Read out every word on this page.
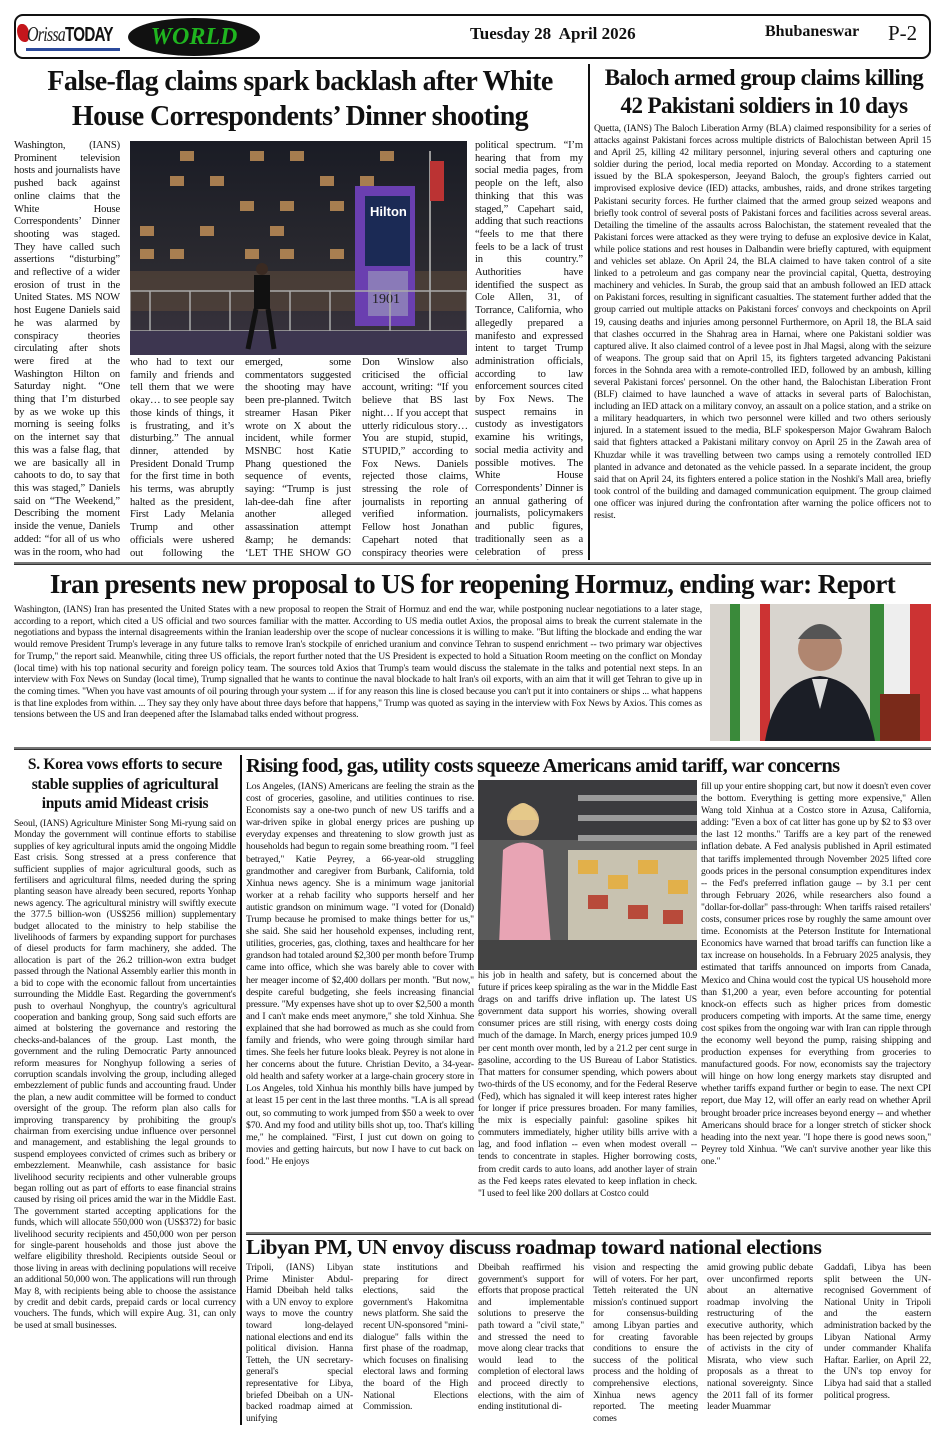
OrissaTODAY	WORLD	Tuesday 28  April 2026	Bhubaneswar P-2
False-flag claims spark backlash after White House Correspondents’ Dinner shooting
Washington, (IANS) Prominent television hosts and journalists have pushed back against online claims that the White House Correspondents’ Dinner shooting was staged. They have called such assertions “disturbing” and reflective of a wider erosion of trust in the United States. MS NOW host Eugene Daniels said he was alarmed by conspiracy theories circulating after shots were fired at the Washington Hilton on Saturday night. “One thing that I’m disturbed by as we woke up this morning is seeing folks on the internet say that this was a false flag, that we are basically all in cahoots to do, to say that this was staged,” Daniels said on “The Weekend,” Describing the moment inside the venue, Daniels added: “for all of us who was in the room, who had
Hilton
1901
who had to text our family and friends and tell them that we were okay… to see people say those kinds of things, it is frustrating, and it’s disturbing.” The annual dinner, attended by President Donald Trump for the first time in both his terms, was abruptly halted as the president, First Lady Melania Trump and other officials were ushered out following the
emerged, some commentators suggested the shooting may have been pre-planned. Twitch streamer Hasan Piker wrote on X about the incident, while former MSNBC host Katie Phang questioned the sequence of events, saying: “Trump is just lah-dee-dah fine after another alleged assassination attempt &amp; he demands: ‘LET THE SHOW GO
Don Winslow also criticised the official account, writing: “If you believe that BS last night… If you accept that utterly ridiculous story… You are stupid, stupid, STUPID,” according to Fox News. Daniels rejected those claims, stressing the role of journalists in reporting verified information. Fellow host Jonathan Capehart noted that conspiracy theories were
political spectrum. “I’m hearing that from my social media pages, from people on the left, also thinking that this was staged,” Capehart said, adding that such reactions “feels to me that there feels to be a lack of trust in this country.” Authorities have identified the suspect as Cole Allen, 31, of Torrance, California, who allegedly prepared a manifesto and expressed intent to target Trump administration officials, according to law enforcement sources cited by Fox News. The suspect remains in custody as investigators examine his writings, social media activity and possible motives. The White House Correspondents’ Dinner is an annual gathering of journalists, policymakers and public figures, traditionally seen as a celebration of press
Baloch armed group claims killing 42 Pakistani soldiers in 10 days
Quetta, (IANS) The Baloch Liberation Army (BLA) claimed responsibility for a series of attacks against Pakistani forces across multiple districts of Balochistan between April 15 and April 25, killing 42 military personnel, injuring several others and capturing one soldier during the period, local media reported on Monday. According to a statement issued by the BLA spokesperson, Jeeyand Baloch, the group's fighters carried out improvised explosive device (IED) attacks, ambushes, raids, and drone strikes targeting Pakistani security forces. He further claimed that the armed group seized weapons and briefly took control of several posts of Pakistani forces and facilities across several areas. Detailing the timeline of the assaults across Balochistan, the statement revealed that the Pakistani forces were attacked as they were trying to defuse an explosive device in Kalat, while police stations and rest houses in Dalbandin were briefly captured, with equipment and vehicles set ablaze. On April 24, the BLA claimed to have taken control of a site linked to a petroleum and gas company near the provincial capital, Quetta, destroying machinery and vehicles. In Surab, the group said that an ambush followed an IED attack on Pakistani forces, resulting in significant casualties. The statement further added that the group carried out multiple attacks on Pakistani forces' convoys and checkpoints on April 19, causing deaths and injuries among personnel Furthermore, on April 18, the BLA said that clashes occurred in the Shahrag area in Harnai, where one Pakistani soldier was captured alive. It also claimed control of a levee post in Jhal Magsi, along with the seizure of weapons. The group said that on April 15, its fighters targeted advancing Pakistani forces in the Sohnda area with a remote-controlled IED, followed by an ambush, killing several Pakistani forces' personnel. On the other hand, the Balochistan Liberation Front (BLF) claimed to have launched a wave of attacks in several parts of Balochistan, including an IED attack on a military convoy, an assault on a police station, and a strike on a military headquarters, in which two personnel were killed and two others seriously injured. In a statement issued to the media, BLF spokesperson Major Gwahram Baloch said that fighters attacked a Pakistani military convoy on April 25 in the Zawah area of Khuzdar while it was travelling between two camps using a remotely controlled IED planted in advance and detonated as the vehicle passed. In a separate incident, the group said that on April 24, its fighters entered a police station in the Noshki's Mall area, briefly took control of the building and damaged communication equipment. The group claimed one officer was injured during the confrontation after warning the police officers not to resist.
Iran presents new proposal to US for reopening Hormuz, ending war: Report
Washington, (IANS) Iran has presented the United States with a new proposal to reopen the Strait of Hormuz and end the war, while postponing nuclear negotiations to a later stage, according to a report, which cited a US official and two sources familiar with the matter. According to US media outlet Axios, the proposal aims to break the current stalemate in the negotiations and bypass the internal disagreements within the Iranian leadership over the scope of nuclear concessions it is willing to make. "But lifting the blockade and ending the war would remove President Trump's leverage in any future talks to remove Iran's stockpile of enriched uranium and convince Tehran to suspend enrichment -- two primary war objectives for Trump," the report said. Meanwhile, citing three US officials, the report further noted that the US President is expected to hold a Situation Room meeting on the conflict on Monday (local time) with his top national security and foreign policy team. The sources told Axios that Trump's team would discuss the stalemate in the talks and potential next steps. In an interview with Fox News on Sunday (local time), Trump signalled that he wants to continue the naval blockade to halt Iran's oil exports, with an aim that it will get Tehran to give up in the coming times. "When you have vast amounts of oil pouring through your system ... if for any reason this line is closed because you can't put it into containers or ships ... what happens is that line explodes from within. ... They say they only have about three days before that happens," Trump was quoted as saying in the interview with Fox News by Axios. This comes as tensions between the US and Iran deepened after the Islamabad talks ended without progress.
S. Korea vows efforts to secure stable supplies of agricultural inputs amid Mideast crisis
Seoul, (IANS) Agriculture Minister Song Mi-ryung said on Monday the government will continue efforts to stabilise supplies of key agricultural inputs amid the ongoing Middle East crisis. Song stressed at a press conference that sufficient supplies of major agricultural goods, such as fertilisers and agricultural films, needed during the spring planting season have already been secured, reports Yonhap news agency. The agricultural ministry will swiftly execute the 377.5 billion-won (US$256 million) supplementary budget allocated to the ministry to help stabilise the livelihoods of farmers by expanding support for purchases of diesel products for farm machinery, she added. The allocation is part of the 26.2 trillion-won extra budget passed through the National Assembly earlier this month in a bid to cope with the economic fallout from uncertainties surrounding the Middle East. Regarding the government's push to overhaul Nonghyup, the country's agricultural cooperation and banking group, Song said such efforts are aimed at bolstering the governance and restoring the checks-and-balances of the group. Last month, the government and the ruling Democratic Party announced reform measures for Nonghyup following a series of corruption scandals involving the group, including alleged embezzlement of public funds and accounting fraud. Under the plan, a new audit committee will be formed to conduct oversight of the group. The reform plan also calls for improving transparency by prohibiting the group's chairman from exercising undue influence over personnel and management, and establishing the legal grounds to suspend employees convicted of crimes such as bribery or embezzlement. Meanwhile, cash assistance for basic livelihood security recipients and other vulnerable groups began rolling out as part of efforts to ease financial strains caused by rising oil prices amid the war in the Middle East. The government started accepting applications for the funds, which will allocate 550,000 won (US$372) for basic livelihood security recipients and 450,000 won per person for single-parent households and those just above the welfare eligibility threshold. Recipients outside Seoul or those living in areas with declining populations will receive an additional 50,000 won. The applications will run through May 8, with recipients being able to choose the assistance by credit and debit cards, prepaid cards or local currency vouchers. The funds, which will expire Aug. 31, can only be used at small businesses.
Rising food, gas, utility costs squeeze Americans amid tariff, war concerns
Los Angeles, (IANS) Americans are feeling the strain as the cost of groceries, gasoline, and utilities continues to rise. Economists say a one-two punch of new US tariffs and a war-driven spike in global energy prices are pushing up everyday expenses and threatening to slow growth just as households had begun to regain some breathing room. "I feel betrayed," Katie Peyrey, a 66-year-old struggling grandmother and caregiver from Burbank, California, told Xinhua news agency. She is a minimum wage janitorial worker at a rehab facility who supports herself and her autistic grandson on minimum wage. "I voted for (Donald) Trump because he promised to make things better for us," she said. She said her household expenses, including rent, utilities, groceries, gas, clothing, taxes and healthcare for her grandson had totaled around $2,300 per month before Trump came into office, which she was barely able to cover with her meager income of $2,400 dollars per month. "But now," despite careful budgeting, she feels increasing financial pressure. "My expenses have shot up to over $2,500 a month and I can't make ends meet anymore," she told Xinhua. She explained that she had borrowed as much as she could from family and friends, who were going through similar hard times. She feels her future looks bleak. Peyrey is not alone in her concerns about the future. Christian Devito, a 34-year-old health and safety worker at a large-chain grocery store in Los Angeles, told Xinhua his monthly bills have jumped by at least 15 per cent in the last three months. "LA is all spread out, so commuting to work jumped from $50 a week to over $70. And my food and utility bills shot up, too. That's killing me," he complained. "First, I just cut down on going to movies and getting haircuts, but now I have to cut back on food." He enjoys
his job in health and safety, but is concerned about the future if prices keep spiraling as the war in the Middle East drags on and tariffs drive inflation up. The latest US government data support his worries, showing overall consumer prices are still rising, with energy costs doing much of the damage. In March, energy prices jumped 10.9 per cent month over month, led by a 21.2 per cent surge in gasoline, according to the US Bureau of Labor Statistics. That matters for consumer spending, which powers about two-thirds of the US economy, and for the Federal Reserve (Fed), which has signaled it will keep interest rates higher for longer if price pressures broaden. For many families, the mix is especially painful: gasoline spikes hit commuters immediately, higher utility bills arrive with a lag, and food inflation -- even when modest overall -- tends to concentrate in staples. Higher borrowing costs, from credit cards to auto loans, add another layer of strain as the Fed keeps rates elevated to keep inflation in check. "I used to feel like 200 dollars at Costco could
fill up your entire shopping cart, but now it doesn't even cover the bottom. Everything is getting more expensive," Allen Wang told Xinhua at a Costco store in Azusa, California, adding: "Even a box of cat litter has gone up by $2 to $3 over the last 12 months." Tariffs are a key part of the renewed inflation debate. A Fed analysis published in April estimated that tariffs implemented through November 2025 lifted core goods prices in the personal consumption expenditures index -- the Fed's preferred inflation gauge -- by 3.1 per cent through February 2026, while researchers also found a "dollar-for-dollar" pass-through: When tariffs raised retailers' costs, consumer prices rose by roughly the same amount over time. Economists at the Peterson Institute for International Economics have warned that broad tariffs can function like a tax increase on households. In a February 2025 analysis, they estimated that tariffs announced on imports from Canada, Mexico and China would cost the typical US household more than $1,200 a year, even before accounting for potential knock-on effects such as higher prices from domestic producers competing with imports. At the same time, energy cost spikes from the ongoing war with Iran can ripple through the economy well beyond the pump, raising shipping and production expenses for everything from groceries to manufactured goods. For now, economists say the trajectory will hinge on how long energy markets stay disrupted and whether tariffs expand further or begin to ease. The next CPI report, due May 12, will offer an early read on whether April brought broader price increases beyond energy -- and whether Americans should brace for a longer stretch of sticker shock heading into the next year. "I hope there is good news soon," Peyrey told Xinhua. "We can't survive another year like this one."
Libyan PM, UN envoy discuss roadmap toward national elections
Tripoli, (IANS) Libyan Prime Minister Abdul-Hamid Dbeibah held talks with a UN envoy to explore ways to move the country toward long-delayed national elections and end its political division. Hanna Tetteh, the UN secretary-general's special representative for Libya, briefed Dbeibah on a UN-backed roadmap aimed at unifying
state institutions and preparing for direct elections, said the government's Hakomitna news platform. She said the recent UN-sponsored "mini-dialogue" falls within the first phase of the roadmap, which focuses on finalising electoral laws and forming the board of the High National Elections Commission.
Dbeibah reaffirmed his government's support for efforts that propose practical and implementable solutions to preserve the path toward a "civil state," and stressed the need to move along clear tracks that would lead to the completion of electoral laws and proceed directly to elections, with the aim of ending institutional di-
vision and respecting the will of voters. For her part, Tetteh reiterated the UN mission's continued support for consensus-building among Libyan parties and for creating favorable conditions to ensure the success of the political process and the holding of comprehensive elections, Xinhua news agency reported. The meeting comes
amid growing public debate over unconfirmed reports about an alternative roadmap involving the restructuring of the executive authority, which has been rejected by groups of activists in the city of Misrata, who view such proposals as a threat to national sovereignty. Since the 2011 fall of its former leader Muammar
Gaddafi, Libya has been split between the UN-recognised Government of National Unity in Tripoli and the eastern administration backed by the Libyan National Army under commander Khalifa Haftar. Earlier, on April 22, the UN's top envoy for Libya had said that a stalled political progress.
